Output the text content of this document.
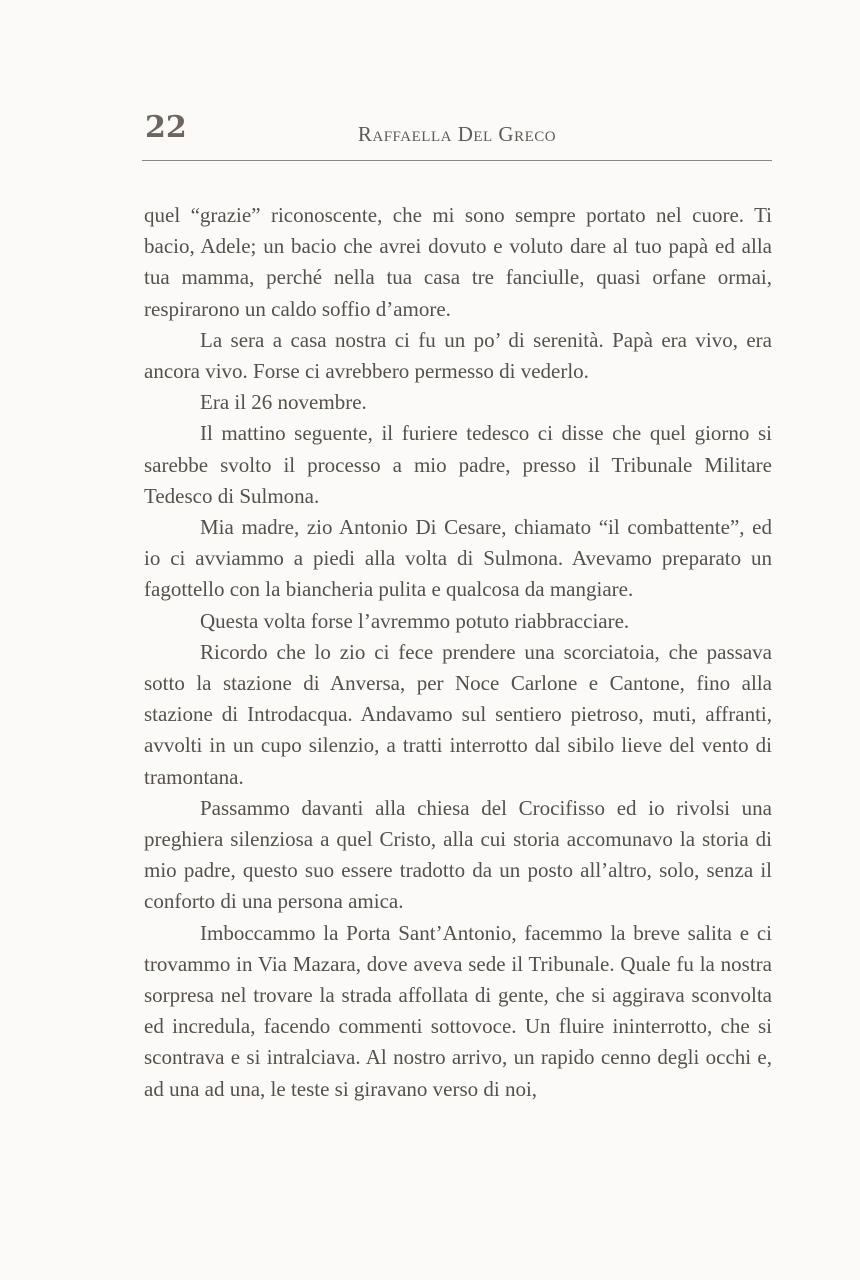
22	Raffaella Del Greco

quel “grazie” riconoscente, che mi sono sempre portato nel cuore. Ti bacio, Adele; un bacio che avrei dovuto e voluto dare al tuo papà ed alla tua mamma, perché nella tua casa tre fanciulle, quasi orfane ormai, respirarono un caldo soffio d’amore.

La sera a casa nostra ci fu un po’ di serenità. Papà era vivo, era ancora vivo. Forse ci avrebbero permesso di vederlo.

Era il 26 novembre.

Il mattino seguente, il furiere tedesco ci disse che quel giorno si sarebbe svolto il processo a mio padre, presso il Tribunale Militare Tedesco di Sulmona.

Mia madre, zio Antonio Di Cesare, chiamato “il combattente”, ed io ci avviammo a piedi alla volta di Sulmona. Avevamo preparato un fagottello con la biancheria pulita e qualcosa da mangiare.

Questa volta forse l’avremmo potuto riabbracciare.

Ricordo che lo zio ci fece prendere una scorciatoia, che passava sotto la stazione di Anversa, per Noce Carlone e Cantone, fino alla stazione di Introdacqua. Andavamo sul sentiero pietroso, muti, affranti, avvolti in un cupo silenzio, a tratti interrotto dal sibilo lieve del vento di tramontana.

Passammo davanti alla chiesa del Crocifisso ed io rivolsi una preghiera silenziosa a quel Cristo, alla cui storia accomunavo la storia di mio padre, questo suo essere tradotto da un posto all’altro, solo, senza il conforto di una persona amica.

Imboccammo la Porta Sant’Antonio, facemmo la breve salita e ci trovammo in Via Mazara, dove aveva sede il Tribunale. Quale fu la nostra sorpresa nel trovare la strada affollata di gente, che si aggirava sconvolta ed incredula, facendo commenti sottovoce. Un fluire ininterrotto, che si scontrava e si intralciava. Al nostro arrivo, un rapido cenno degli occhi e, ad una ad una, le teste si giravano verso di noi,
